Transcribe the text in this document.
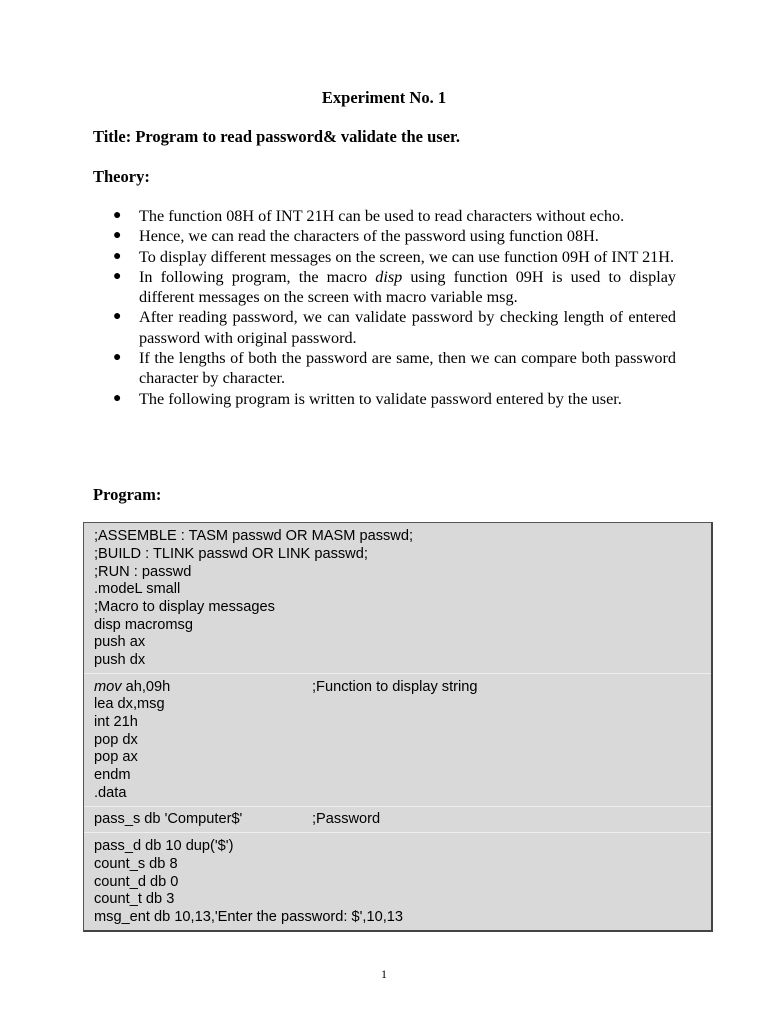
Experiment No. 1
Title: Program to read password& validate the user.
Theory:
● The function 08H of INT 21H can be used to read characters without echo.
● Hence, we can read the characters of the password using function 08H.
● To display different messages on the screen, we can use function 09H of INT 21H.
● In following program, the macro disp using function 09H is used to display different messages on the screen with macro variable msg.
● After reading password, we can validate password by checking length of entered password with original password.
● If the lengths of both the password are same, then we can compare both password character by character.
● The following program is written to validate password entered by the user.
Program:
;ASSEMBLE : TASM passwd OR MASM passwd;
;BUILD : TLINK passwd OR LINK passwd;
;RUN : passwd
.modeL small
;Macro to display messages
disp macromsg
push ax
push dx
mov ah,09h	;Function to display string
lea dx,msg
int 21h
pop dx
pop ax
endm
.data
pass_s db 'Computer$'	;Password
pass_d db 10 dup('$')
count_s db 8
count_d db 0
count_t db 3
msg_ent db 10,13,'Enter the password: $',10,13
1
